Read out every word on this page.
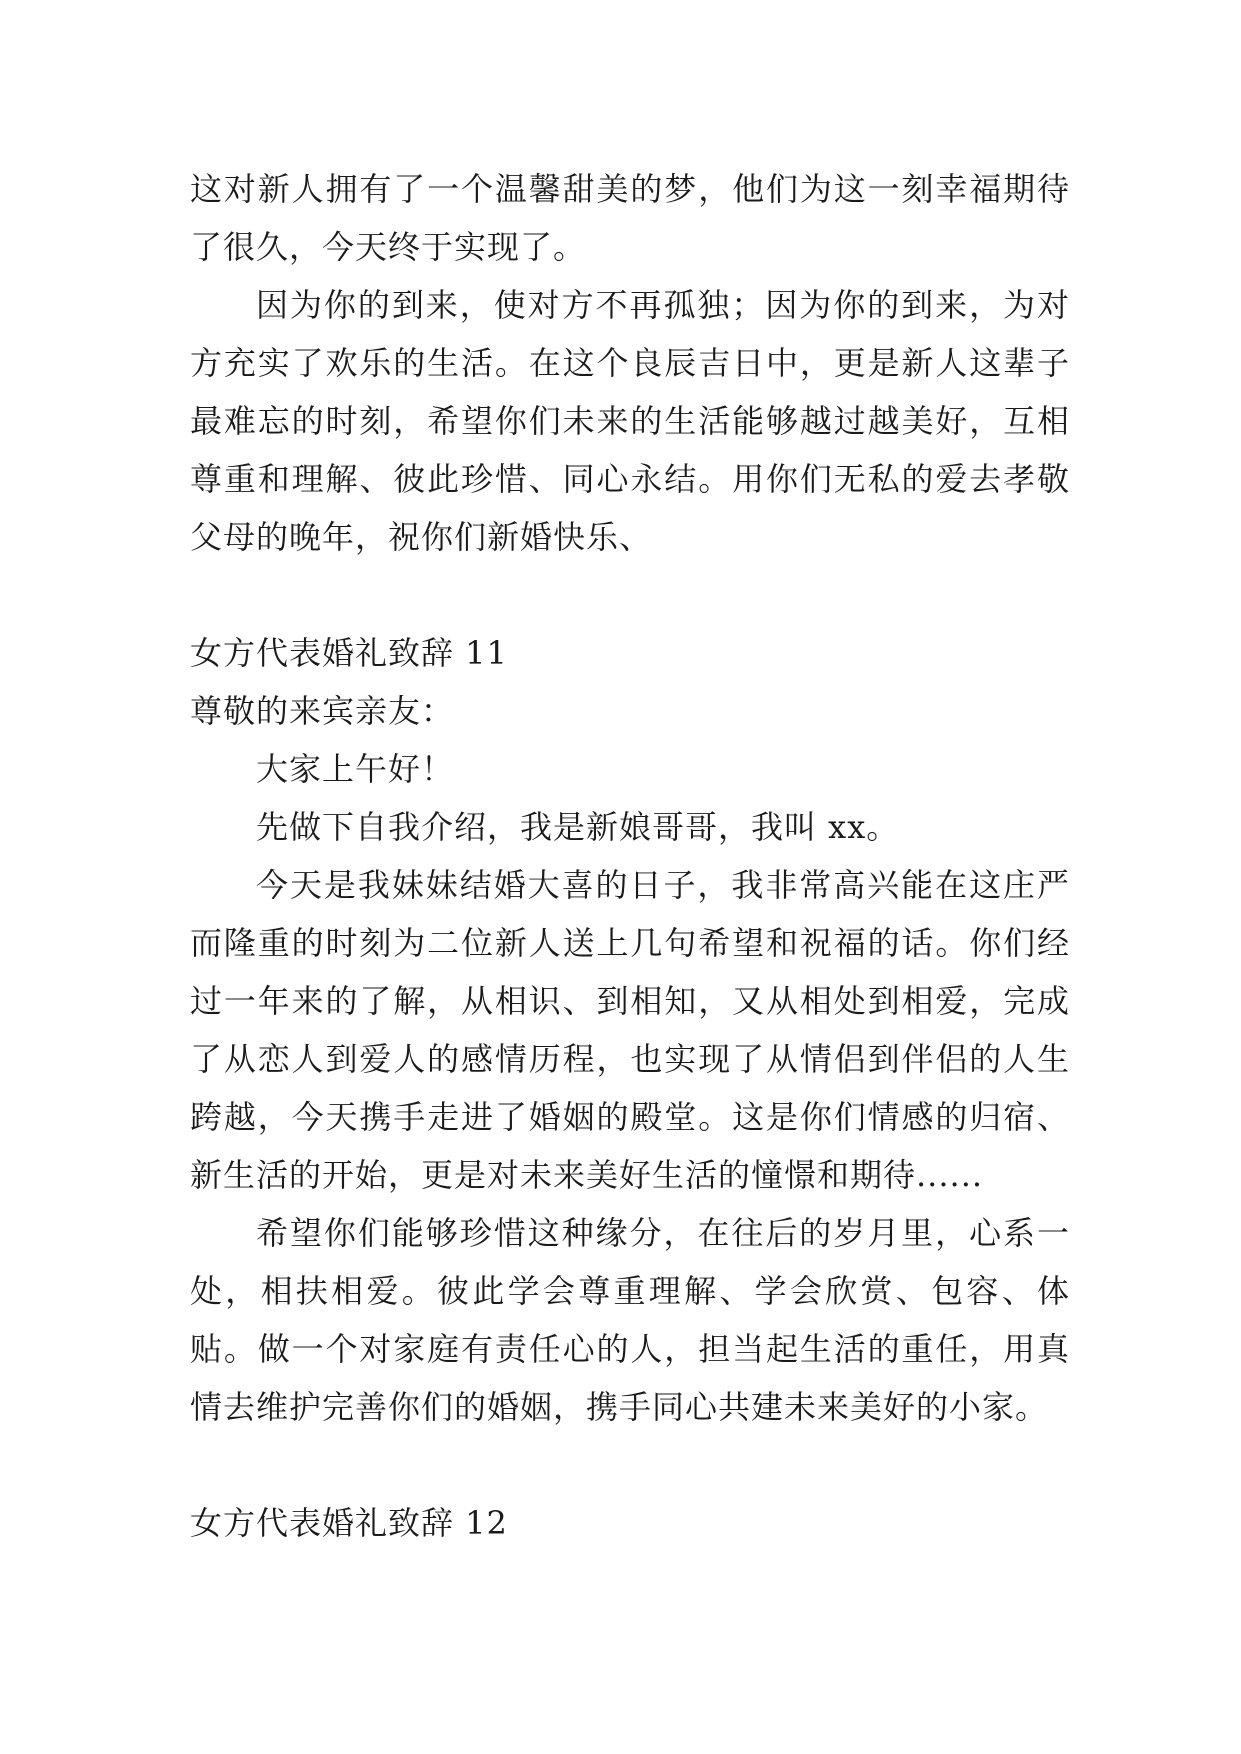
这对新人拥有了一个温馨甜美的梦，他们为这一刻幸福期待了很久，今天终于实现了。

因为你的到来，使对方不再孤独；因为你的到来，为对方充实了欢乐的生活。在这个良辰吉日中，更是新人这辈子最难忘的时刻，希望你们未来的生活能够越过越美好，互相尊重和理解、彼此珍惜、同心永结。用你们无私的爱去孝敬父母的晚年，祝你们新婚快乐、

女方代表婚礼致辞 11

尊敬的来宾亲友：

大家上午好！

先做下自我介绍，我是新娘哥哥，我叫 xx。

今天是我妹妹结婚大喜的日子，我非常高兴能在这庄严而隆重的时刻为二位新人送上几句希望和祝福的话。你们经过一年来的了解，从相识、到相知，又从相处到相爱，完成了从恋人到爱人的感情历程，也实现了从情侣到伴侣的人生跨越，今天携手走进了婚姻的殿堂。这是你们情感的归宿、新生活的开始，更是对未来美好生活的憧憬和期待......

希望你们能够珍惜这种缘分，在往后的岁月里，心系一处，相扶相爱。彼此学会尊重理解、学会欣赏、包容、体贴。做一个对家庭有责任心的人，担当起生活的重任，用真情去维护完善你们的婚姻，携手同心共建未来美好的小家。

女方代表婚礼致辞 12
